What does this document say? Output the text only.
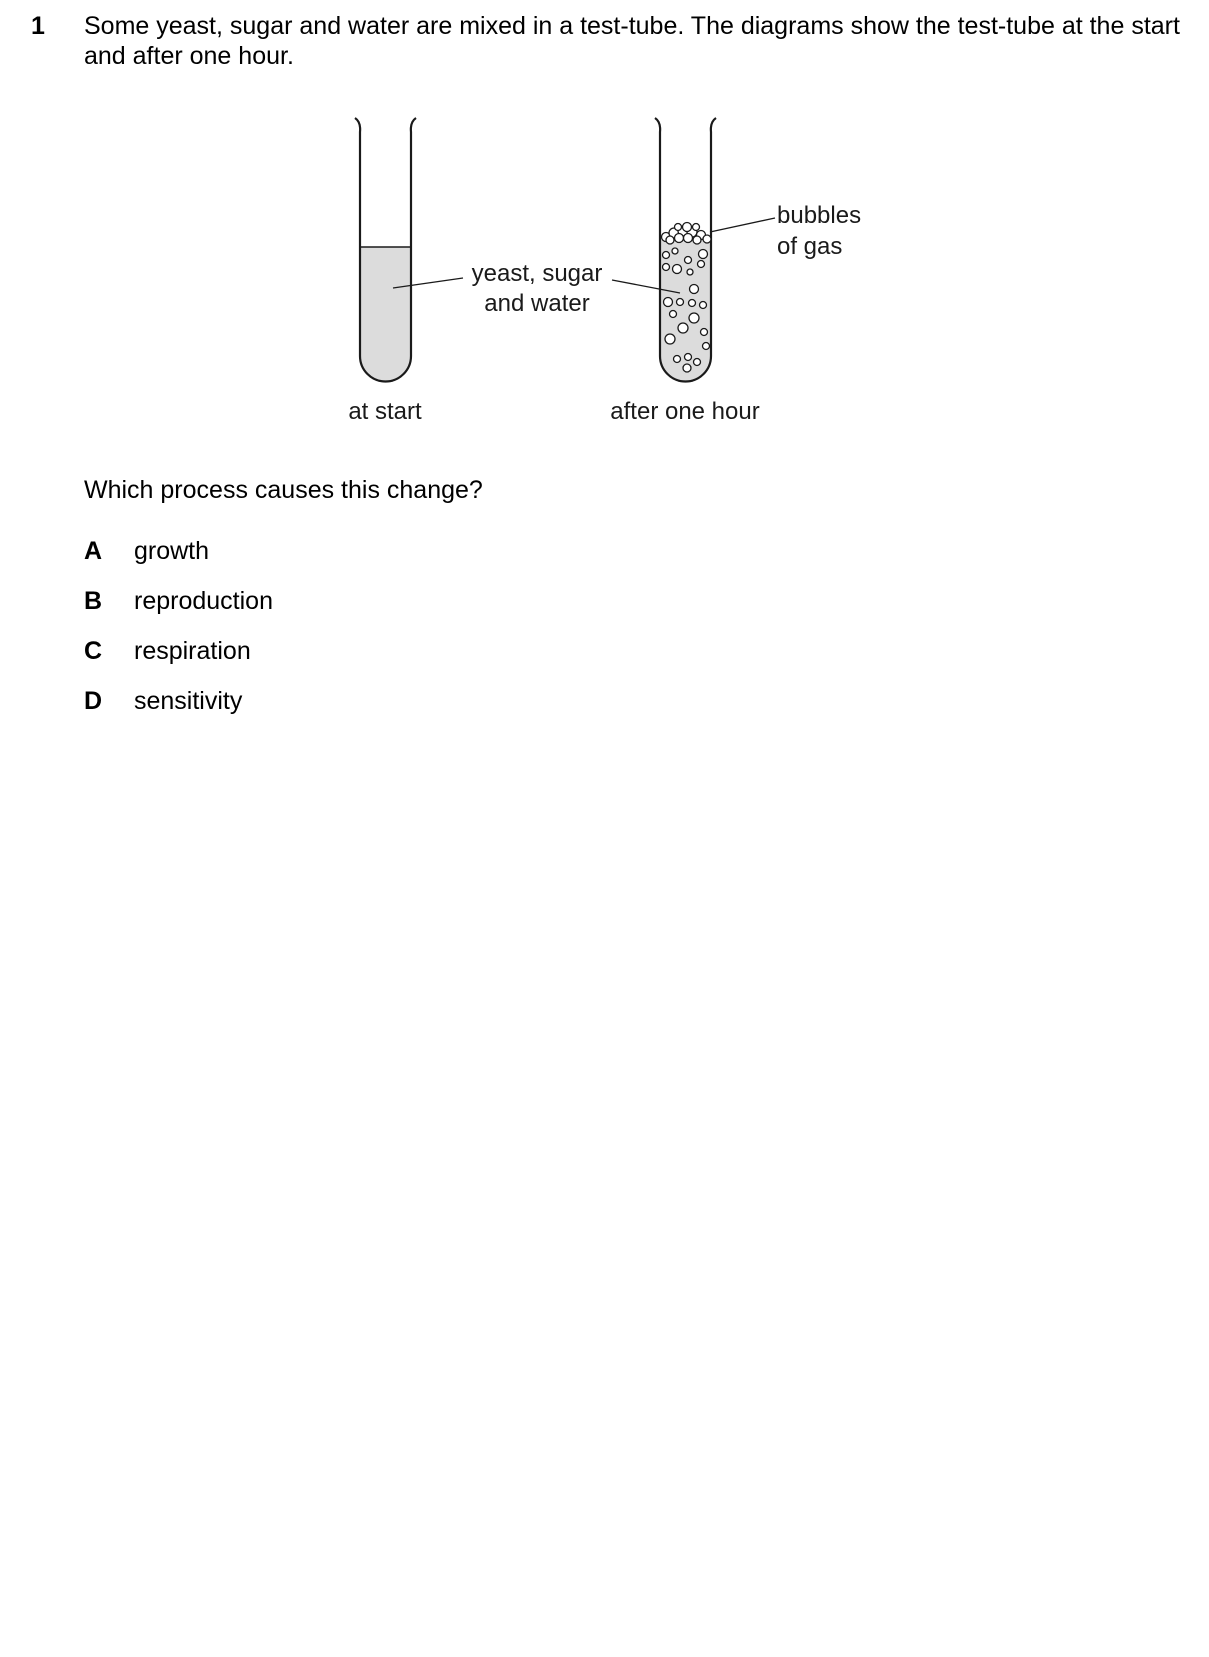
1 Some yeast, sugar and water are mixed in a test-tube. The diagrams show the test-tube at the start
and after one hour.

yeast, sugar
and water
bubbles
of gas
at start	after one hour

Which process causes this change?

A	growth
B	reproduction
C	respiration
D	sensitivity
